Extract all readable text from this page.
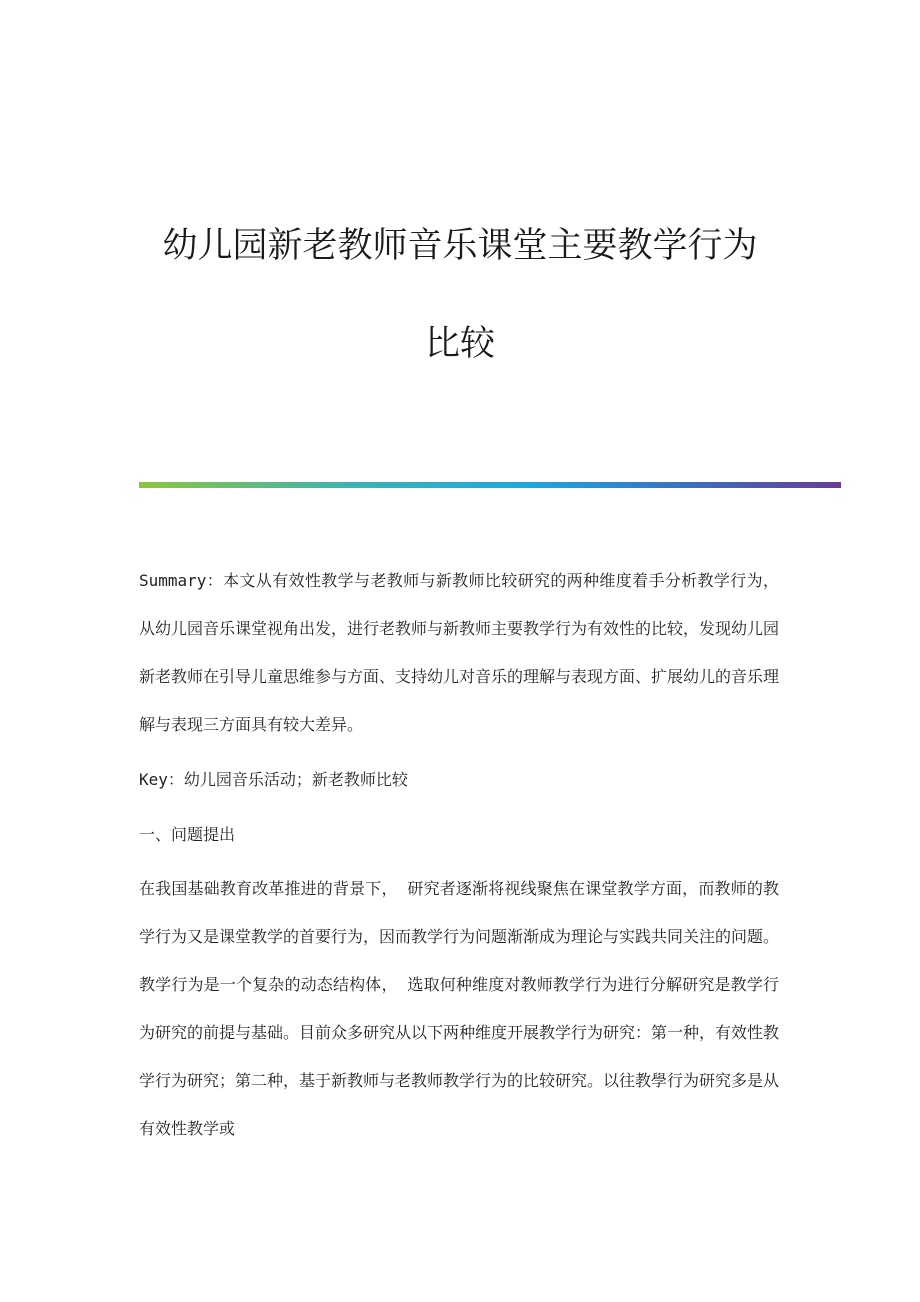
幼儿园新老教师音乐课堂主要教学行为
比较

Summary：本文从有效性教学与老教师与新教师比较研究的两种维度着手分析教学行为，从幼儿园音乐课堂视角出发，进行老教师与新教师主要教学行为有效性的比较，发现幼儿园新老教师在引导儿童思维参与方面、支持幼儿对音乐的理解与表现方面、扩展幼儿的音乐理解与表现三方面具有较大差异。

Key：幼儿园音乐活动；新老教师比较

一、问题提出

在我国基础教育改革推进的背景下， 研究者逐渐将视线聚焦在课堂教学方面，而教师的教学行为又是课堂教学的首要行为，因而教学行为问题渐渐成为理论与实践共同关注的问题。教学行为是一个复杂的动态结构体， 选取何种维度对教师教学行为进行分解研究是教学行为研究的前提与基础。目前众多研究从以下两种维度开展教学行为研究：第一种，有效性教学行为研究；第二种，基于新教师与老教师教学行为的比较研究。以往教學行为研究多是从有效性教学或
